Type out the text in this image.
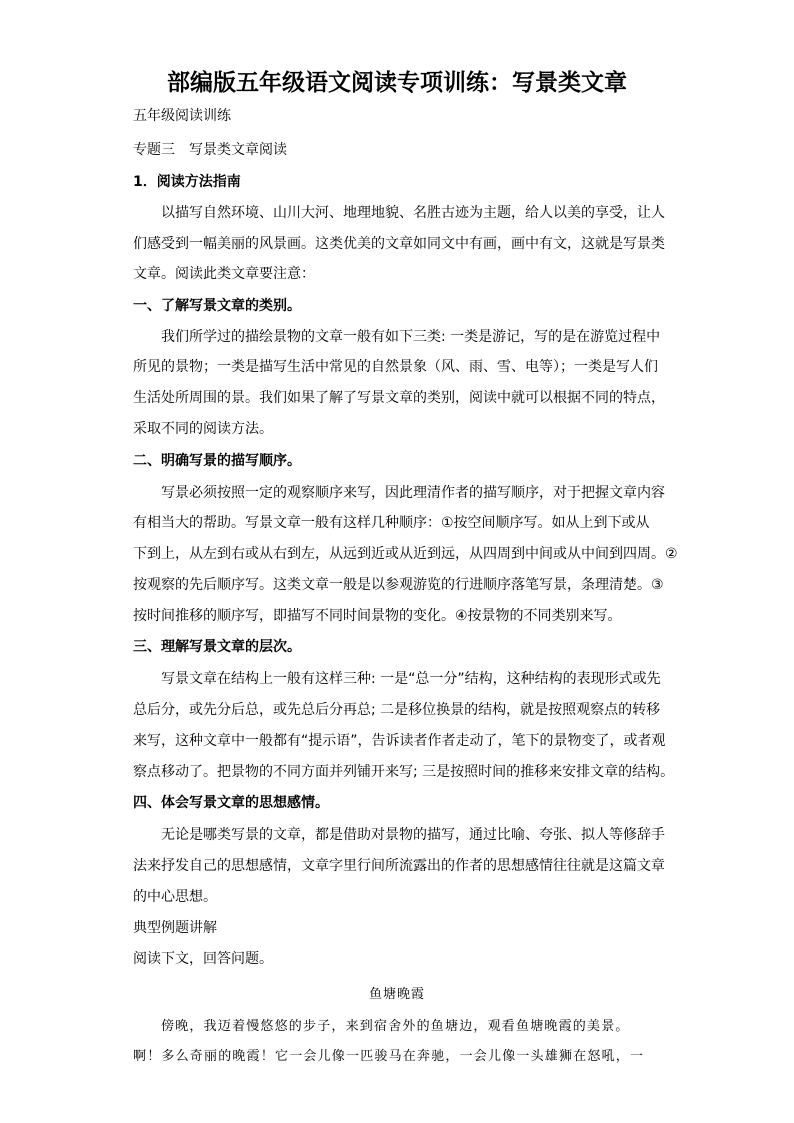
部编版五年级语文阅读专项训练：写景类文章
五年级阅读训练
专题三　写景类文章阅读
1．阅读方法指南
以描写自然环境、山川大河、地理地貌、名胜古迹为主题，给人以美的享受，让人
们感受到一幅美丽的风景画。这类优美的文章如同文中有画，画中有文，这就是写景类
文章。阅读此类文章要注意：
一、了解写景文章的类别。
我们所学过的描绘景物的文章一般有如下三类: 一类是游记，写的是在游览过程中
所见的景物；一类是描写生活中常见的自然景象（风、雨、雪、电等）；一类是写人们
生活处所周围的景。我们如果了解了写景文章的类别，阅读中就可以根据不同的特点，
采取不同的阅读方法。
二、明确写景的描写顺序。
写景必须按照一定的观察顺序来写，因此理清作者的描写顺序，对于把握文章内容
有相当大的帮助。写景文章一般有这样几种顺序：①按空间顺序写。如从上到下或从
下到上，从左到右或从右到左，从远到近或从近到远，从四周到中间或从中间到四周。②
按观察的先后顺序写。这类文章一般是以参观游览的行进顺序落笔写景，条理清楚。③
按时间推移的顺序写，即描写不同时间景物的变化。④按景物的不同类别来写。
三、理解写景文章的层次。
写景文章在结构上一般有这样三种: 一是“总一分”结构，这种结构的表现形式或先
总后分，或先分后总，或先总后分再总; 二是移位换景的结构，就是按照观察点的转移
来写，这种文章中一般都有“提示语”，告诉读者作者走动了，笔下的景物变了，或者观
察点移动了。把景物的不同方面并列铺开来写; 三是按照时间的推移来安排文章的结构。
四、体会写景文章的思想感情。
无论是哪类写景的文章，都是借助对景物的描写，通过比喻、夸张、拟人等修辞手
法来抒发自己的思想感情，文章字里行间所流露出的作者的思想感情往往就是这篇文章
的中心思想。
典型例题讲解
阅读下文，回答问题。
鱼塘晚霞
傍晚，我迈着慢悠悠的步子，来到宿舍外的鱼塘边，观看鱼塘晚霞的美景。
啊！多么奇丽的晚霞！它一会儿像一匹骏马在奔驰，一会儿像一头雄狮在怒吼，一
